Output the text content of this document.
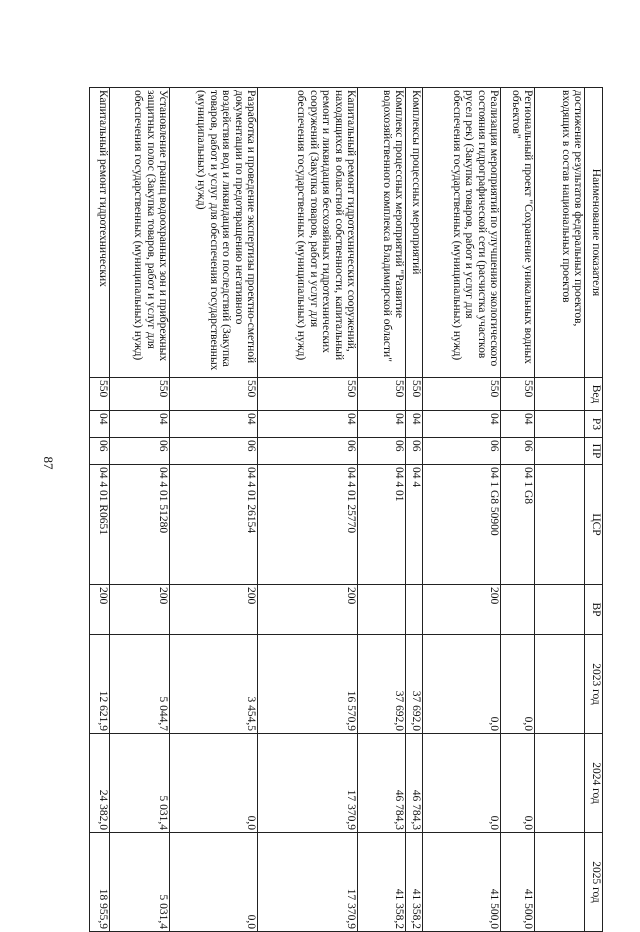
87
Наименование показателя	Вед	РЗ	ПР	ЦСР	ВР	2023 год	2024 год	2025 год
достижение результатов федеральных проектов, входящих в состав национальных проектов								
Региональный проект "Сохранение уникальных водных объектов"	550	04	06	04 1 G8		0,0	0,0	41 500,0
Реализация мероприятий по улучшению экологического состояния гидрографической сети (расчистка участков русел рек) (Закупка товаров, работ и услуг для обеспечения государственных (муниципальных) нужд)	550	04	06	04 1 G8 50900	200	0,0	0,0	41 500,0
Комплексы процессных мероприятий	550	04	06	04 4		37 692,0	46 784,3	41 358,2
Комплекс процессных мероприятий "Развитие водохозяйственного комплекса Владимирской области"	550	04	06	04 4 01		37 692,0	46 784,3	41 358,2
Капитальный ремонт гидротехнических сооружений, находящихся в областной собственности, капитальный ремонт и ликвидация бесхозяйных гидротехнических сооружений (Закупка товаров, работ и услуг для обеспечения государственных (муниципальных) нужд)	550	04	06	04 4 01 25770	200	16 570,9	17 370,9	17 370,9
Разработка и проведение экспертизы проектно-сметной документации по предотвращению негативного воздействия вод и ликвидация его последствий (Закупка товаров, работ и услуг для обеспечения государственных (муниципальных) нужд)	550	04	06	04 4 01 26154	200	3 454,5	0,0	0,0
Установление границ водоохранных зон и прибрежных защитных полос (Закупка товаров, работ и услуг для обеспечения государственных (муниципальных) нужд)	550	04	06	04 4 01 51280	200	5 044,7	5 031,4	5 031,4
Капитальный ремонт гидротехнических	550	04	06	04 4 01 R0651	200	12 621,9	24 382,0	18 955,9
